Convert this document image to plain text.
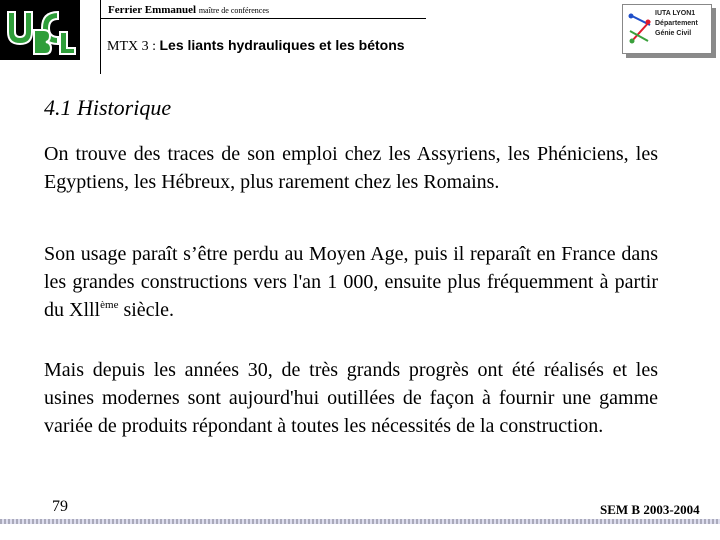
Ferrier Emmanuel maître de conférences
MTX 3 : Les liants hydrauliques et les bétons
IUTA LYON1
Département
Génie Civil
4.1 Historique
On trouve des traces de son emploi chez les Assyriens, les Phéniciens, les Egyptiens, les Hébreux, plus rarement chez les Romains.
Son usage paraît s’être perdu au Moyen Age, puis il reparaît en France dans les grandes constructions vers l'an 1 000, ensuite plus fréquemment à partir du Xlll$^{ème}$ siècle.
Mais depuis les années 30, de très grands progrès ont été réalisés et les usines modernes sont aujourd'hui outillées de façon à fournir une gamme variée de produits répondant à toutes les nécessités de la construction.
79	SEM B 2003-2004
